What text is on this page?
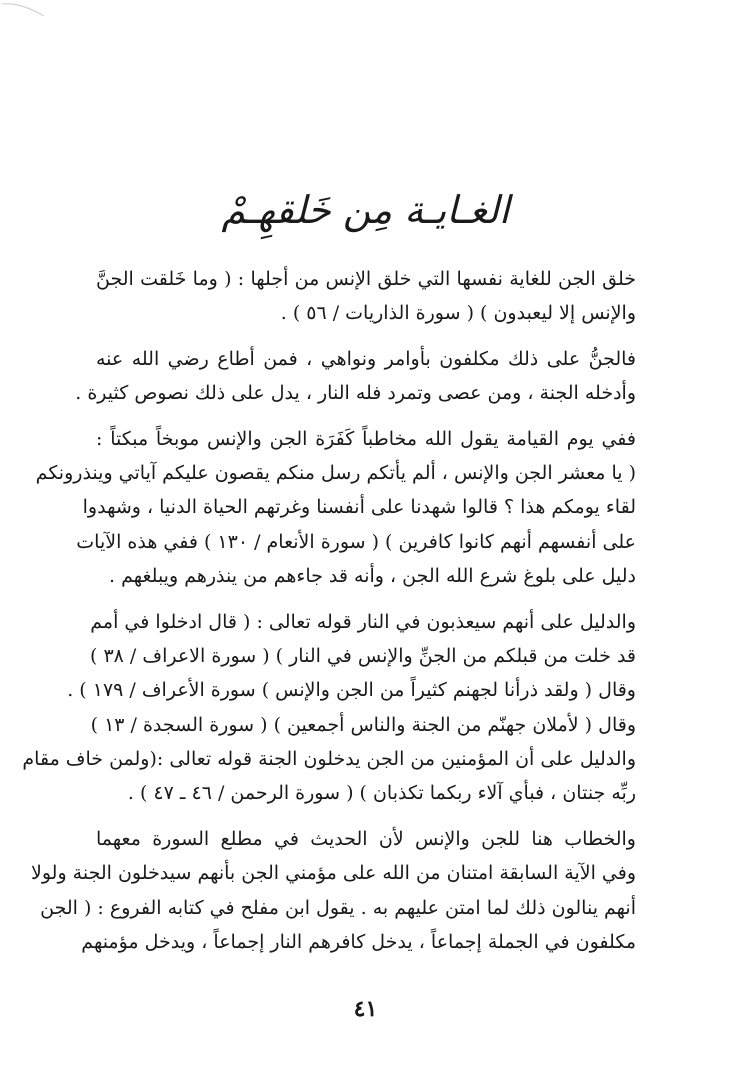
الغـايـة مِن خَلقهِـمْ
خلق الجن للغاية نفسها التي خلق الإنس من أجلها : ( وما خَلقت الجنَّ
والإنس إلا ليعبدون ) ( سورة الذاريات / ٥٦ ) .
فالجنُّ على ذلك مكلفون بأوامر ونواهي ، فمن أطاع رضي الله عنه
وأدخله الجنة ، ومن عصى وتمرد فله النار ، يدل على ذلك نصوص كثيرة .
ففي يوم القيامة يقول الله مخاطباً كَفَرَة الجن والإنس موبخاً مبكتاً :
( يا معشر الجن والإنس ، ألم يأتكم رسل منكم يقصون عليكم آياتي وينذرونكم
لقاء يومكم هذا ؟ قالوا شهدنا على أنفسنا وغرتهم الحياة الدنيا ، وشهدوا
على أنفسهم أنهم كانوا كافرين ) ( سورة الأنعام / ١٣٠ ) ففي هذه الآيات
دليل على بلوغ شرع الله الجن ، وأنه قد جاءهم من ينذرهم ويبلغهم .
والدليل على أنهم سيعذبون في النار قوله تعالى : ( قال ادخلوا في أمم
قد خلت من قبلكم من الجنِّ والإنس في النار ) ( سورة الاعراف / ٣٨ )
وقال ( ولقد ذرأنا لجهنم كثيراً من الجن والإنس ) سورة الأعراف / ١٧٩ ) .
وقال ( لأملان جهنّم من الجنة والناس أجمعين ) ( سورة السجدة / ١٣ )
والدليل على أن المؤمنين من الجن يدخلون الجنة قوله تعالى :(ولمن خاف مقام
ربِّه جنتان ، فبأي آلاء ربكما تكذبان ) ( سورة الرحمن / ٤٦ ـ ٤٧ ) .
والخطاب هنا للجن والإنس لأن الحديث في مطلع السورة معهما
وفي الآية السابقة امتنان من الله على مؤمني الجن بأنهم سيدخلون الجنة ولولا
أنهم ينالون ذلك لما امتن عليهم به . يقول ابن مفلح في كتابه الفروع : ( الجن
مكلفون في الجملة إجماعاً ، يدخل كافرهم النار إجماعاً ، ويدخل مؤمنهم
٤١
